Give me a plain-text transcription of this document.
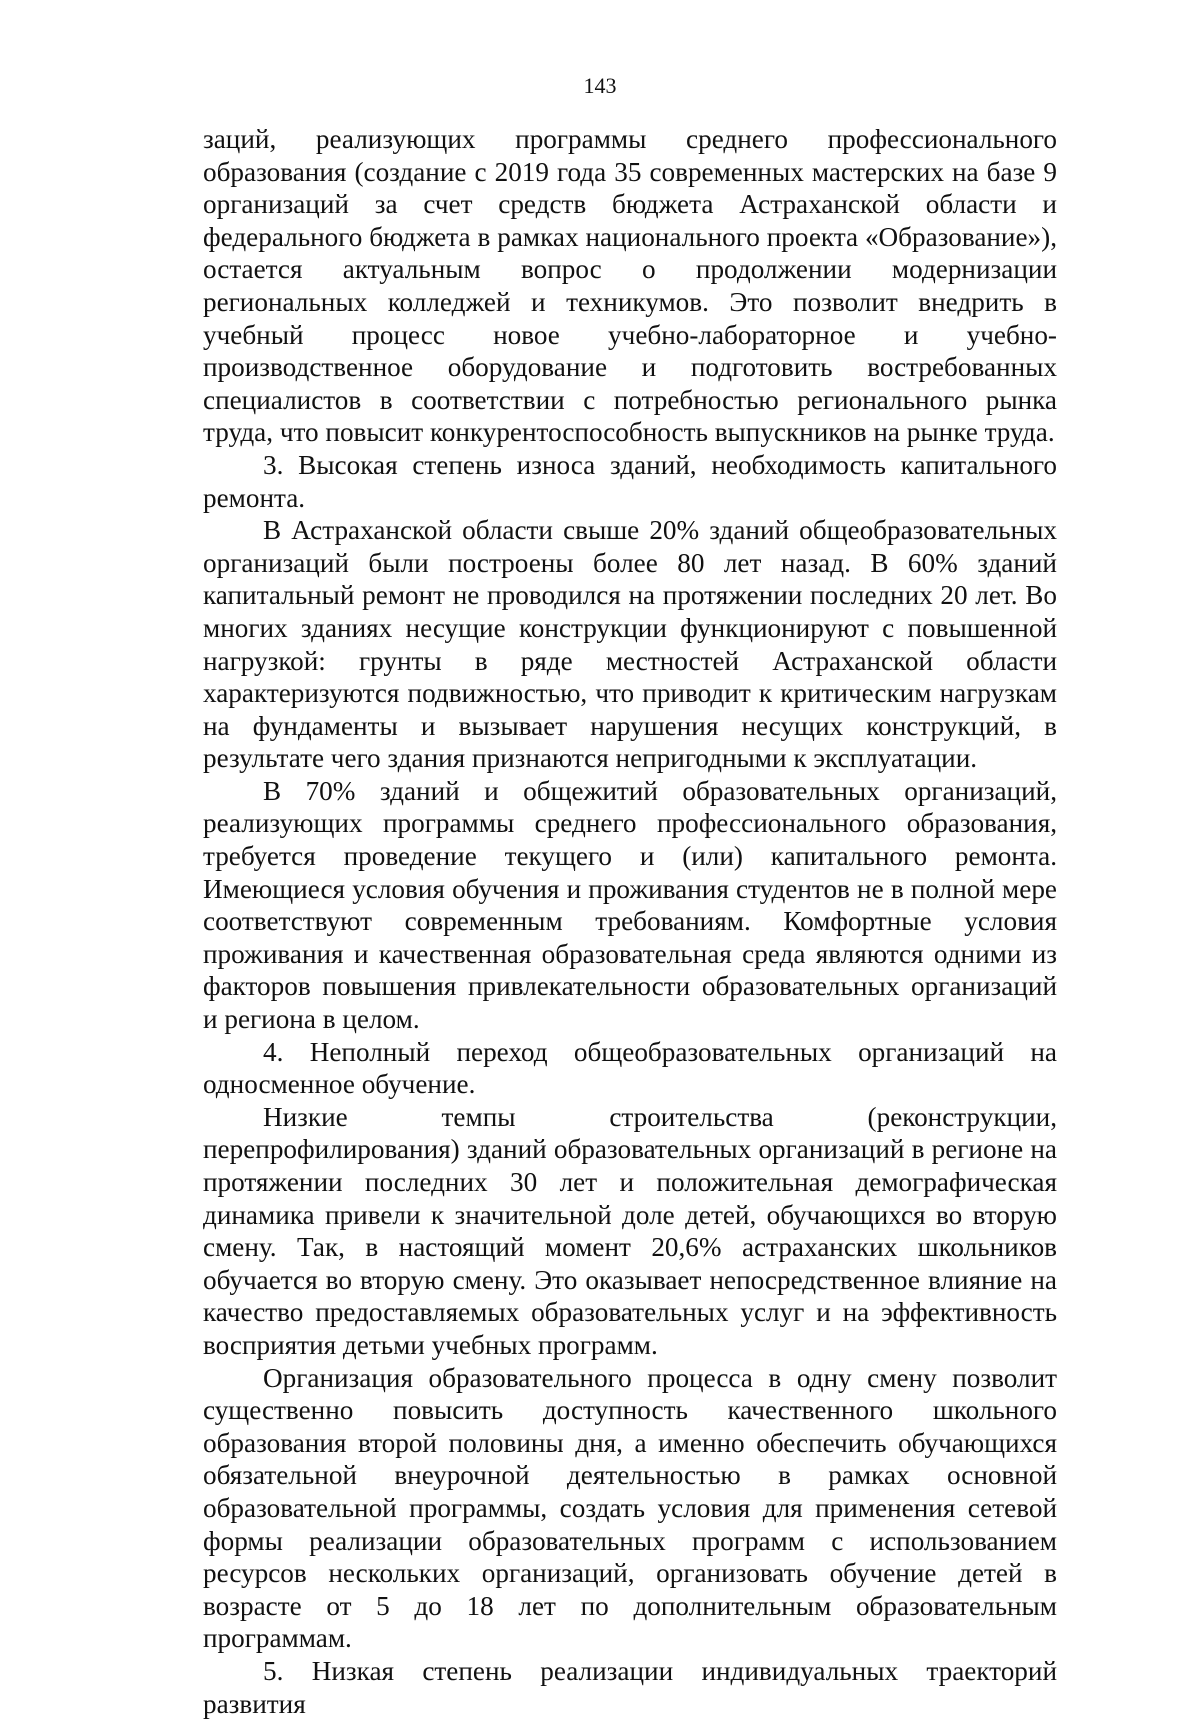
143

заций, реализующих программы среднего профессионального образования (создание с 2019 года 35 современных мастерских на базе 9 организаций за счет средств бюджета Астраханской области и федерального бюджета в рамках национального проекта «Образование»), остается актуальным вопрос о продолжении модернизации региональных колледжей и техникумов. Это позволит внедрить в учебный процесс новое учебно-лабораторное и учебно-производственное оборудование и подготовить востребованных специалистов в соответствии с потребностью регионального рынка труда, что повысит конкурентоспособность выпускников на рынке труда.

3. Высокая степень износа зданий, необходимость капитального ремонта.

В Астраханской области свыше 20% зданий общеобразовательных организаций были построены более 80 лет назад. В 60% зданий капитальный ремонт не проводился на протяжении последних 20 лет. Во многих зданиях несущие конструкции функционируют с повышенной нагрузкой: грунты в ряде местностей Астраханской области характеризуются подвижностью, что приводит к критическим нагрузкам на фундаменты и вызывает нарушения несущих конструкций, в результате чего здания признаются непригодными к эксплуатации.

В 70% зданий и общежитий образовательных организаций, реализующих программы среднего профессионального образования, требуется проведение текущего и (или) капитального ремонта. Имеющиеся условия обучения и проживания студентов не в полной мере соответствуют современным требованиям. Комфортные условия проживания и качественная образовательная среда являются одними из факторов повышения привлекательности образовательных организаций и региона в целом.

4. Неполный переход общеобразовательных организаций на односменное обучение.

Низкие темпы строительства (реконструкции, перепрофилирования) зданий образовательных организаций в регионе на протяжении последних 30 лет и положительная демографическая динамика привели к значительной доле детей, обучающихся во вторую смену. Так, в настоящий момент 20,6% астраханских школьников обучается во вторую смену. Это оказывает непосредственное влияние на качество предоставляемых образовательных услуг и на эффективность восприятия детьми учебных программ.

Организация образовательного процесса в одну смену позволит существенно повысить доступность качественного школьного образования второй половины дня, а именно обеспечить обучающихся обязательной внеурочной деятельностью в рамках основной образовательной программы, создать условия для применения сетевой формы реализации образовательных программ с использованием ресурсов нескольких организаций, организовать обучение детей в возрасте от 5 до 18 лет по дополнительным образовательным программам.

5. Низкая степень реализации индивидуальных траекторий развития
